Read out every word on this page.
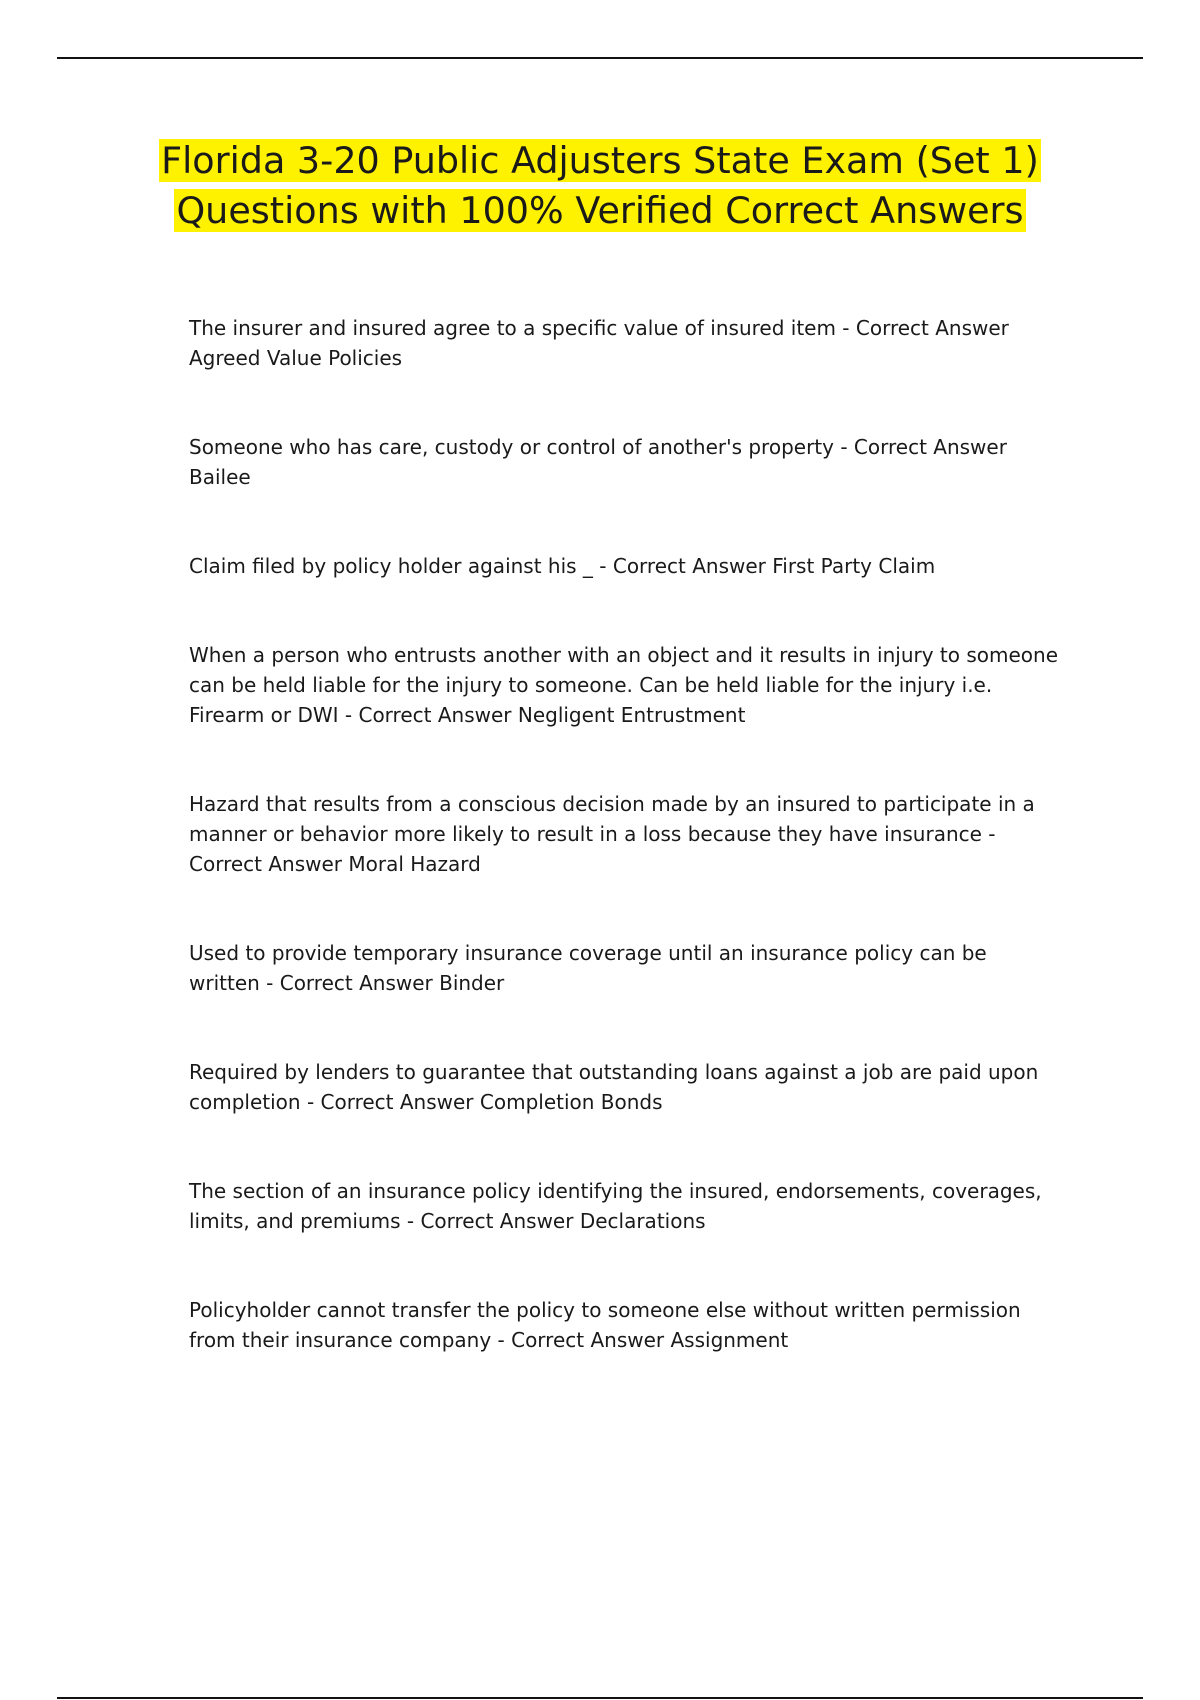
Florida 3-20 Public Adjusters State Exam (Set 1) Questions with 100% Verified Correct Answers

The insurer and insured agree to a specific value of insured item - Correct Answer Agreed Value Policies

Someone who has care, custody or control of another's property - Correct Answer Bailee

Claim filed by policy holder against his _ - Correct Answer First Party Claim

When a person who entrusts another with an object and it results in injury to someone can be held liable for the injury to someone. Can be held liable for the injury i.e. Firearm or DWI - Correct Answer Negligent Entrustment

Hazard that results from a conscious decision made by an insured to participate in a manner or behavior more likely to result in a loss because they have insurance - Correct Answer Moral Hazard

Used to provide temporary insurance coverage until an insurance policy can be written - Correct Answer Binder

Required by lenders to guarantee that outstanding loans against a job are paid upon completion - Correct Answer Completion Bonds

The section of an insurance policy identifying the insured, endorsements, coverages, limits, and premiums - Correct Answer Declarations

Policyholder cannot transfer the policy to someone else without written permission from their insurance company - Correct Answer Assignment
